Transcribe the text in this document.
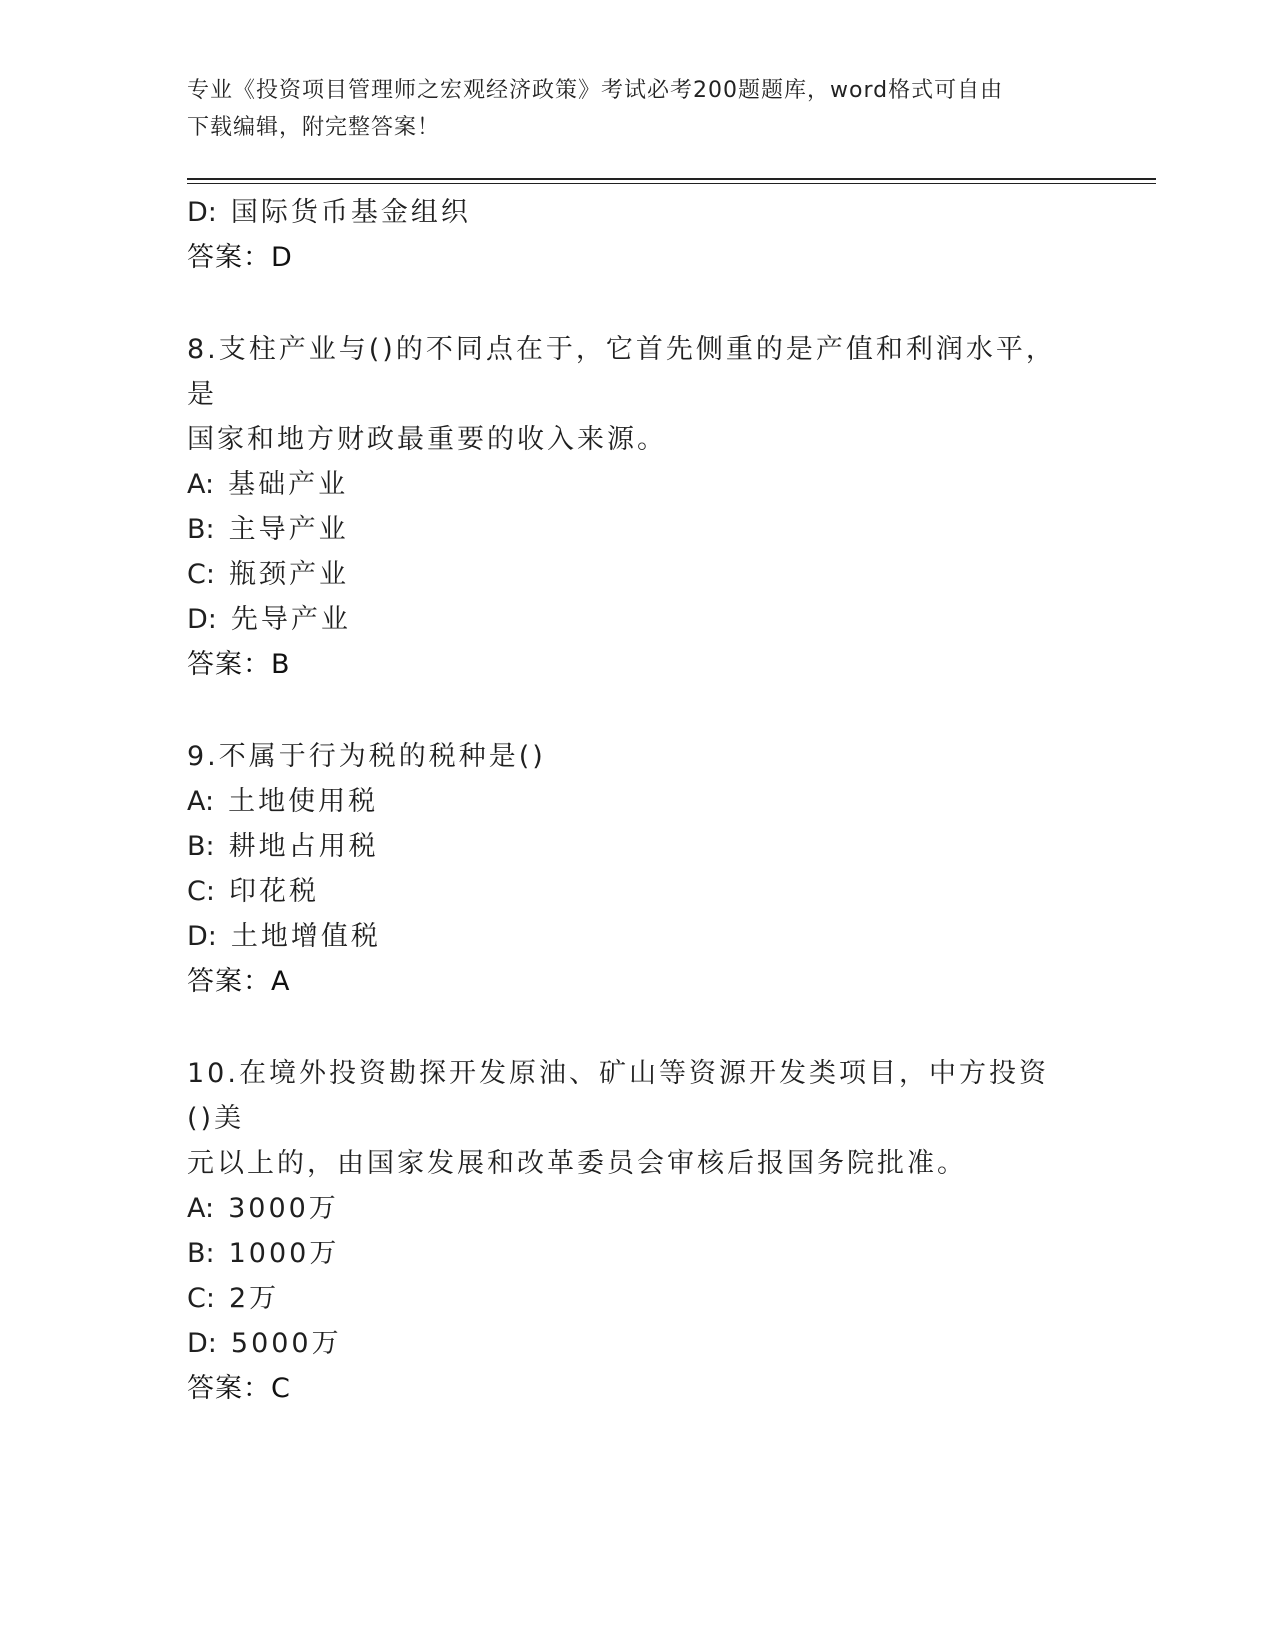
专业《投资项目管理师之宏观经济政策》考试必考200题题库，word格式可自由
下载编辑，附完整答案！
D: 国际货币基金组织
答案：D
8.支柱产业与()的不同点在于，它首先侧重的是产值和利润水平，是
国家和地方财政最重要的收入来源。
A: 基础产业
B: 主导产业
C: 瓶颈产业
D: 先导产业
答案：B
9.不属于行为税的税种是()
A: 土地使用税
B: 耕地占用税
C: 印花税
D: 土地增值税
答案：A
10.在境外投资勘探开发原油、矿山等资源开发类项目，中方投资()美
元以上的，由国家发展和改革委员会审核后报国务院批准。
A: 3000万
B: 1000万
C: 2万
D: 5000万
答案：C
